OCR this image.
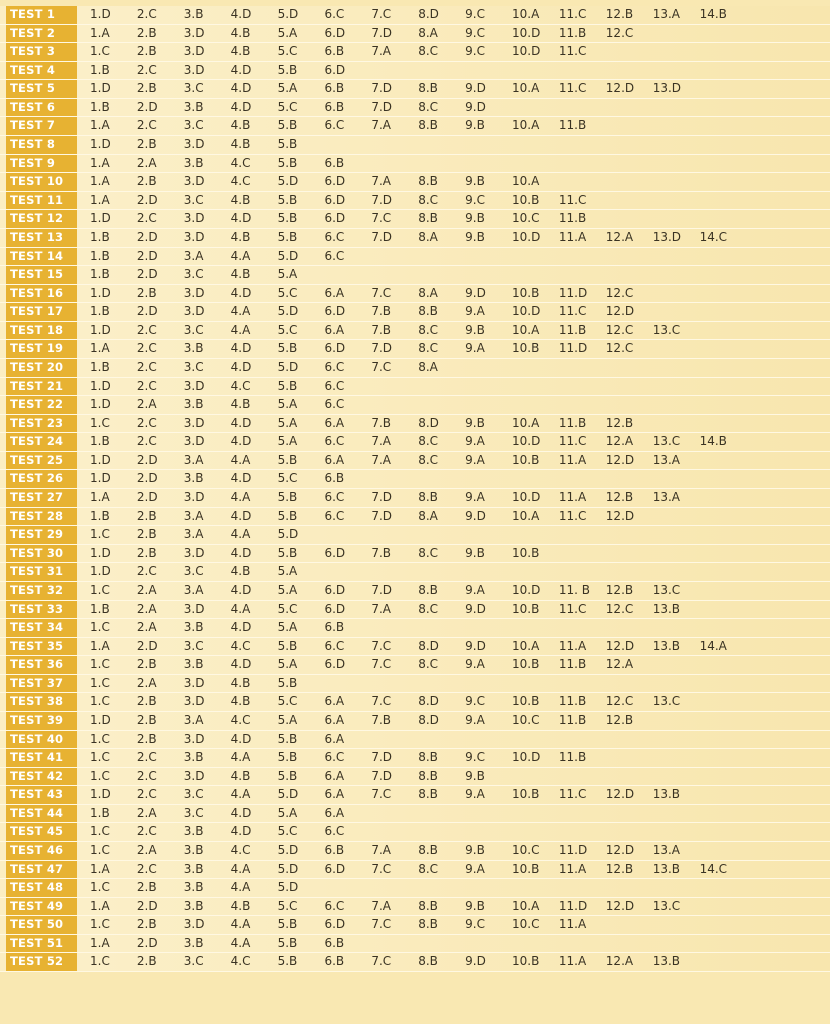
TEST 1	1.D	2.C	3.B	4.D	5.D	6.C	7.C	8.D	9.C	10.A	11.C	12.B	13.A	14.B
TEST 2	1.A	2.B	3.D	4.B	5.A	6.D	7.D	8.A	9.C	10.D	11.B	12.C
TEST 3	1.C	2.B	3.D	4.B	5.C	6.B	7.A	8.C	9.C	10.D	11.C
TEST 4	1.B	2.C	3.D	4.D	5.B	6.D
TEST 5	1.D	2.B	3.C	4.D	5.A	6.B	7.D	8.B	9.D	10.A	11.C	12.D	13.D
TEST 6	1.B	2.D	3.B	4.D	5.C	6.B	7.D	8.C	9.D
TEST 7	1.A	2.C	3.C	4.B	5.B	6.C	7.A	8.B	9.B	10.A	11.B
TEST 8	1.D	2.B	3.D	4.B	5.B
TEST 9	1.A	2.A	3.B	4.C	5.B	6.B
TEST 10	1.A	2.B	3.D	4.C	5.D	6.D	7.A	8.B	9.B	10.A
TEST 11	1.A	2.D	3.C	4.B	5.B	6.D	7.D	8.C	9.C	10.B	11.C
TEST 12	1.D	2.C	3.D	4.D	5.B	6.D	7.C	8.B	9.B	10.C	11.B
TEST 13	1.B	2.D	3.D	4.B	5.B	6.C	7.D	8.A	9.B	10.D	11.A	12.A	13.D	14.C
TEST 14	1.B	2.D	3.A	4.A	5.D	6.C
TEST 15	1.B	2.D	3.C	4.B	5.A
TEST 16	1.D	2.B	3.D	4.D	5.C	6.A	7.C	8.A	9.D	10.B	11.D	12.C
TEST 17	1.B	2.D	3.D	4.A	5.D	6.D	7.B	8.B	9.A	10.D	11.C	12.D
TEST 18	1.D	2.C	3.C	4.A	5.C	6.A	7.B	8.C	9.B	10.A	11.B	12.C	13.C
TEST 19	1.A	2.C	3.B	4.D	5.B	6.D	7.D	8.C	9.A	10.B	11.D	12.C
TEST 20	1.B	2.C	3.C	4.D	5.D	6.C	7.C	8.A
TEST 21	1.D	2.C	3.D	4.C	5.B	6.C
TEST 22	1.D	2.A	3.B	4.B	5.A	6.C
TEST 23	1.C	2.C	3.D	4.D	5.A	6.A	7.B	8.D	9.B	10.A	11.B	12.B
TEST 24	1.B	2.C	3.D	4.D	5.A	6.C	7.A	8.C	9.A	10.D	11.C	12.A	13.C	14.B
TEST 25	1.D	2.D	3.A	4.A	5.B	6.A	7.A	8.C	9.A	10.B	11.A	12.D	13.A
TEST 26	1.D	2.D	3.B	4.D	5.C	6.B
TEST 27	1.A	2.D	3.D	4.A	5.B	6.C	7.D	8.B	9.A	10.D	11.A	12.B	13.A
TEST 28	1.B	2.B	3.A	4.D	5.B	6.C	7.D	8.A	9.D	10.A	11.C	12.D
TEST 29	1.C	2.B	3.A	4.A	5.D
TEST 30	1.D	2.B	3.D	4.D	5.B	6.D	7.B	8.C	9.B	10.B
TEST 31	1.D	2.C	3.C	4.B	5.A
TEST 32	1.C	2.A	3.A	4.D	5.A	6.D	7.D	8.B	9.A	10.D	11. B	12.B	13.C
TEST 33	1.B	2.A	3.D	4.A	5.C	6.D	7.A	8.C	9.D	10.B	11.C	12.C	13.B
TEST 34	1.C	2.A	3.B	4.D	5.A	6.B
TEST 35	1.A	2.D	3.C	4.C	5.B	6.C	7.C	8.D	9.D	10.A	11.A	12.D	13.B	14.A
TEST 36	1.C	2.B	3.B	4.D	5.A	6.D	7.C	8.C	9.A	10.B	11.B	12.A
TEST 37	1.C	2.A	3.D	4.B	5.B
TEST 38	1.C	2.B	3.D	4.B	5.C	6.A	7.C	8.D	9.C	10.B	11.B	12.C	13.C
TEST 39	1.D	2.B	3.A	4.C	5.A	6.A	7.B	8.D	9.A	10.C	11.B	12.B
TEST 40	1.C	2.B	3.D	4.D	5.B	6.A
TEST 41	1.C	2.C	3.B	4.A	5.B	6.C	7.D	8.B	9.C	10.D	11.B
TEST 42	1.C	2.C	3.D	4.B	5.B	6.A	7.D	8.B	9.B
TEST 43	1.D	2.C	3.C	4.A	5.D	6.A	7.C	8.B	9.A	10.B	11.C	12.D	13.B
TEST 44	1.B	2.A	3.C	4.D	5.A	6.A
TEST 45	1.C	2.C	3.B	4.D	5.C	6.C
TEST 46	1.C	2.A	3.B	4.C	5.D	6.B	7.A	8.B	9.B	10.C	11.D	12.D	13.A
TEST 47	1.A	2.C	3.B	4.A	5.D	6.D	7.C	8.C	9.A	10.B	11.A	12.B	13.B	14.C
TEST 48	1.C	2.B	3.B	4.A	5.D
TEST 49	1.A	2.D	3.B	4.B	5.C	6.C	7.A	8.B	9.B	10.A	11.D	12.D	13.C
TEST 50	1.C	2.B	3.D	4.A	5.B	6.D	7.C	8.B	9.C	10.C	11.A
TEST 51	1.A	2.D	3.B	4.A	5.B	6.B
TEST 52	1.C	2.B	3.C	4.C	5.B	6.B	7.C	8.B	9.D	10.B	11.A	12.A	13.B
